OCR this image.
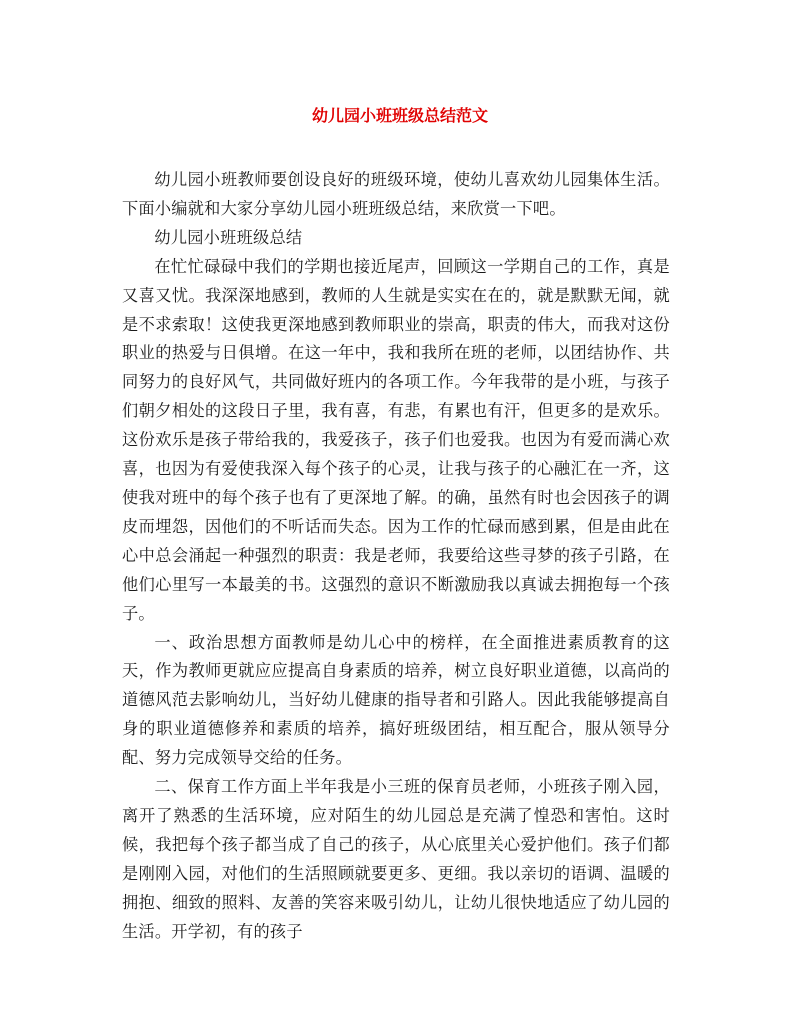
幼儿园小班班级总结范文

幼儿园小班教师要创设良好的班级环境，使幼儿喜欢幼儿园集体生活。下面小编就和大家分享幼儿园小班班级总结，来欣赏一下吧。

幼儿园小班班级总结

在忙忙碌碌中我们的学期也接近尾声，回顾这一学期自己的工作，真是又喜又忧。我深深地感到，教师的人生就是实实在在的，就是默默无闻，就是不求索取！这使我更深地感到教师职业的崇高，职责的伟大，而我对这份职业的热爱与日俱增。在这一年中，我和我所在班的老师，以团结协作、共同努力的良好风气，共同做好班内的各项工作。今年我带的是小班，与孩子们朝夕相处的这段日子里，我有喜，有悲，有累也有汗，但更多的是欢乐。这份欢乐是孩子带给我的，我爱孩子，孩子们也爱我。也因为有爱而满心欢喜，也因为有爱使我深入每个孩子的心灵，让我与孩子的心融汇在一齐，这使我对班中的每个孩子也有了更深地了解。的确，虽然有时也会因孩子的调皮而埋怨，因他们的不听话而失态。因为工作的忙碌而感到累，但是由此在心中总会涌起一种强烈的职责：我是老师，我要给这些寻梦的孩子引路，在他们心里写一本最美的书。这强烈的意识不断激励我以真诚去拥抱每一个孩子。

一、政治思想方面教师是幼儿心中的榜样，在全面推进素质教育的这天，作为教师更就应应提高自身素质的培养，树立良好职业道德，以高尚的道德风范去影响幼儿，当好幼儿健康的指导者和引路人。因此我能够提高自身的职业道德修养和素质的培养，搞好班级团结，相互配合，服从领导分配、努力完成领导交给的任务。

二、保育工作方面上半年我是小三班的保育员老师，小班孩子刚入园，离开了熟悉的生活环境，应对陌生的幼儿园总是充满了惶恐和害怕。这时候，我把每个孩子都当成了自己的孩子，从心底里关心爱护他们。孩子们都是刚刚入园，对他们的生活照顾就要更多、更细。我以亲切的语调、温暖的拥抱、细致的照料、友善的笑容来吸引幼儿，让幼儿很快地适应了幼儿园的生活。开学初，有的孩子
